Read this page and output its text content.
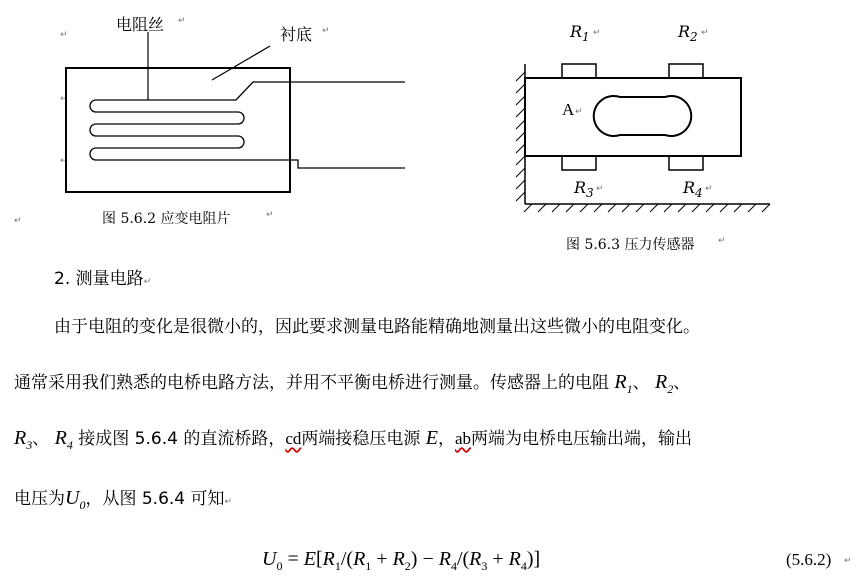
↵
↵
↵
↵
电阻丝 ↵
衬底 ↵
图 5.6.2 应变电阻片	↵
$R_1$ ↵	$R_2$ ↵
A ↵
$R_3$ ↵	$R_4$ ↵
图 5.6.3 压力传感器	↵
2. 测量电路↵
由于电阻的变化是很微小的，因此要求测量电路能精确地测量出这些微小的电阻变化。
通常采用我们熟悉的电桥电路方法，并用不平衡电桥进行测量。传感器上的电阻 $R_1$、 $R_2$、
$R_3$、 $R_4$ 接成图 5.6.4 的直流桥路，cd两端接稳压电源 E，ab两端为电桥电压输出端，输出
电压为$U_0$，从图 5.6.4 可知↵
$U_0 = E[R_1/(R_1 + R_2) - R_4/(R_3 + R_4)]$	(5.6.2) ↵
